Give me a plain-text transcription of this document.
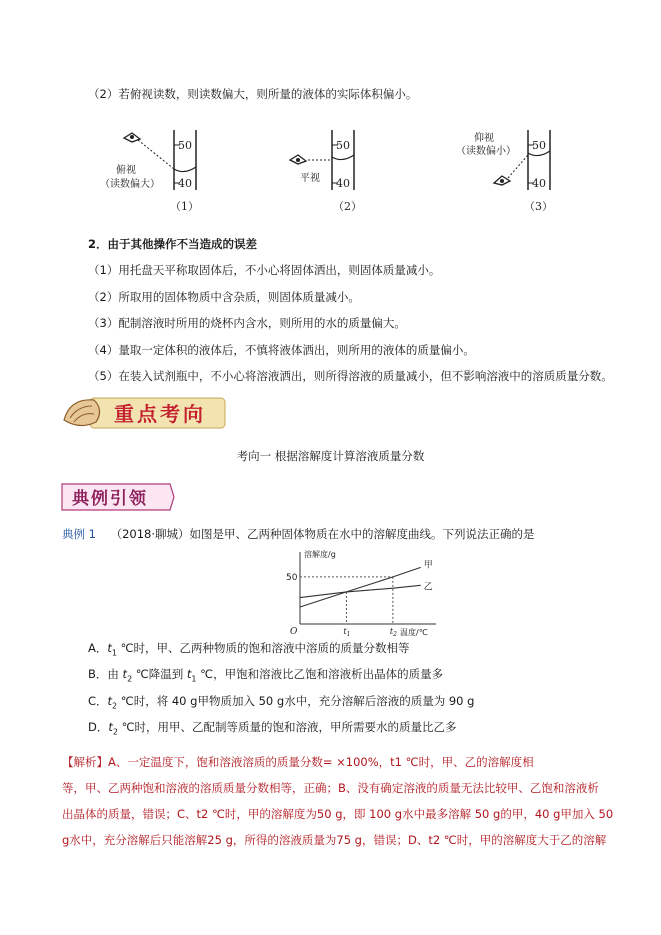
（2）若俯视读数，则读数偏大，则所量的液体的实际体积偏小。
50
40
俯视
（读数偏大）
（1）
50
40
平视
（2）
50
40
仰视
（读数偏小）
（3）
2．由于其他操作不当造成的误差
（1）用托盘天平称取固体后，不小心将固体洒出，则固体质量减小。
（2）所取用的固体物质中含杂质，则固体质量减小。
（3）配制溶液时所用的烧杯内含水，则所用的水的质量偏大。
（4）量取一定体积的液体后，不慎将液体洒出，则所用的液体的质量偏小。
（5）在装入试剂瓶中，不小心将溶液洒出，则所得溶液的质量减小，但不影响溶液中的溶质质量分数。
重点考向
考向一 根据溶解度计算溶液质量分数
典例引领
典例 1 （2018·聊城）如图是甲、乙两种固体物质在水中的溶解度曲线。下列说法正确的是
溶解度/g
温度/℃
O
50
$t_1$	$t_2$
甲
乙
A．$t_1$ ℃时，甲、乙两种物质的饱和溶液中溶质的质量分数相等
B．由 $t_2$ ℃降温到 $t_1$ ℃，甲饱和溶液比乙饱和溶液析出晶体的质量多
C．$t_2$ ℃时，将 40 g甲物质加入 50 g水中，充分溶解后溶液的质量为 90 g
D．$t_2$ ℃时，用甲、乙配制等质量的饱和溶液，甲所需要水的质量比乙多
【解析】A、一定温度下，饱和溶液溶质的质量分数= ×100%，t1 ℃时，甲、乙的溶解度相
等，甲、乙两种饱和溶液的溶质质量分数相等，正确；B、没有确定溶液的质量无法比较甲、乙饱和溶液析
出晶体的质量，错误；C、t2 ℃时，甲的溶解度为50 g，即 100 g水中最多溶解 50 g的甲，40 g甲加入 50
g水中，充分溶解后只能溶解25 g，所得的溶液质量为75 g，错误；D、t2 ℃时，甲的溶解度大于乙的溶解
